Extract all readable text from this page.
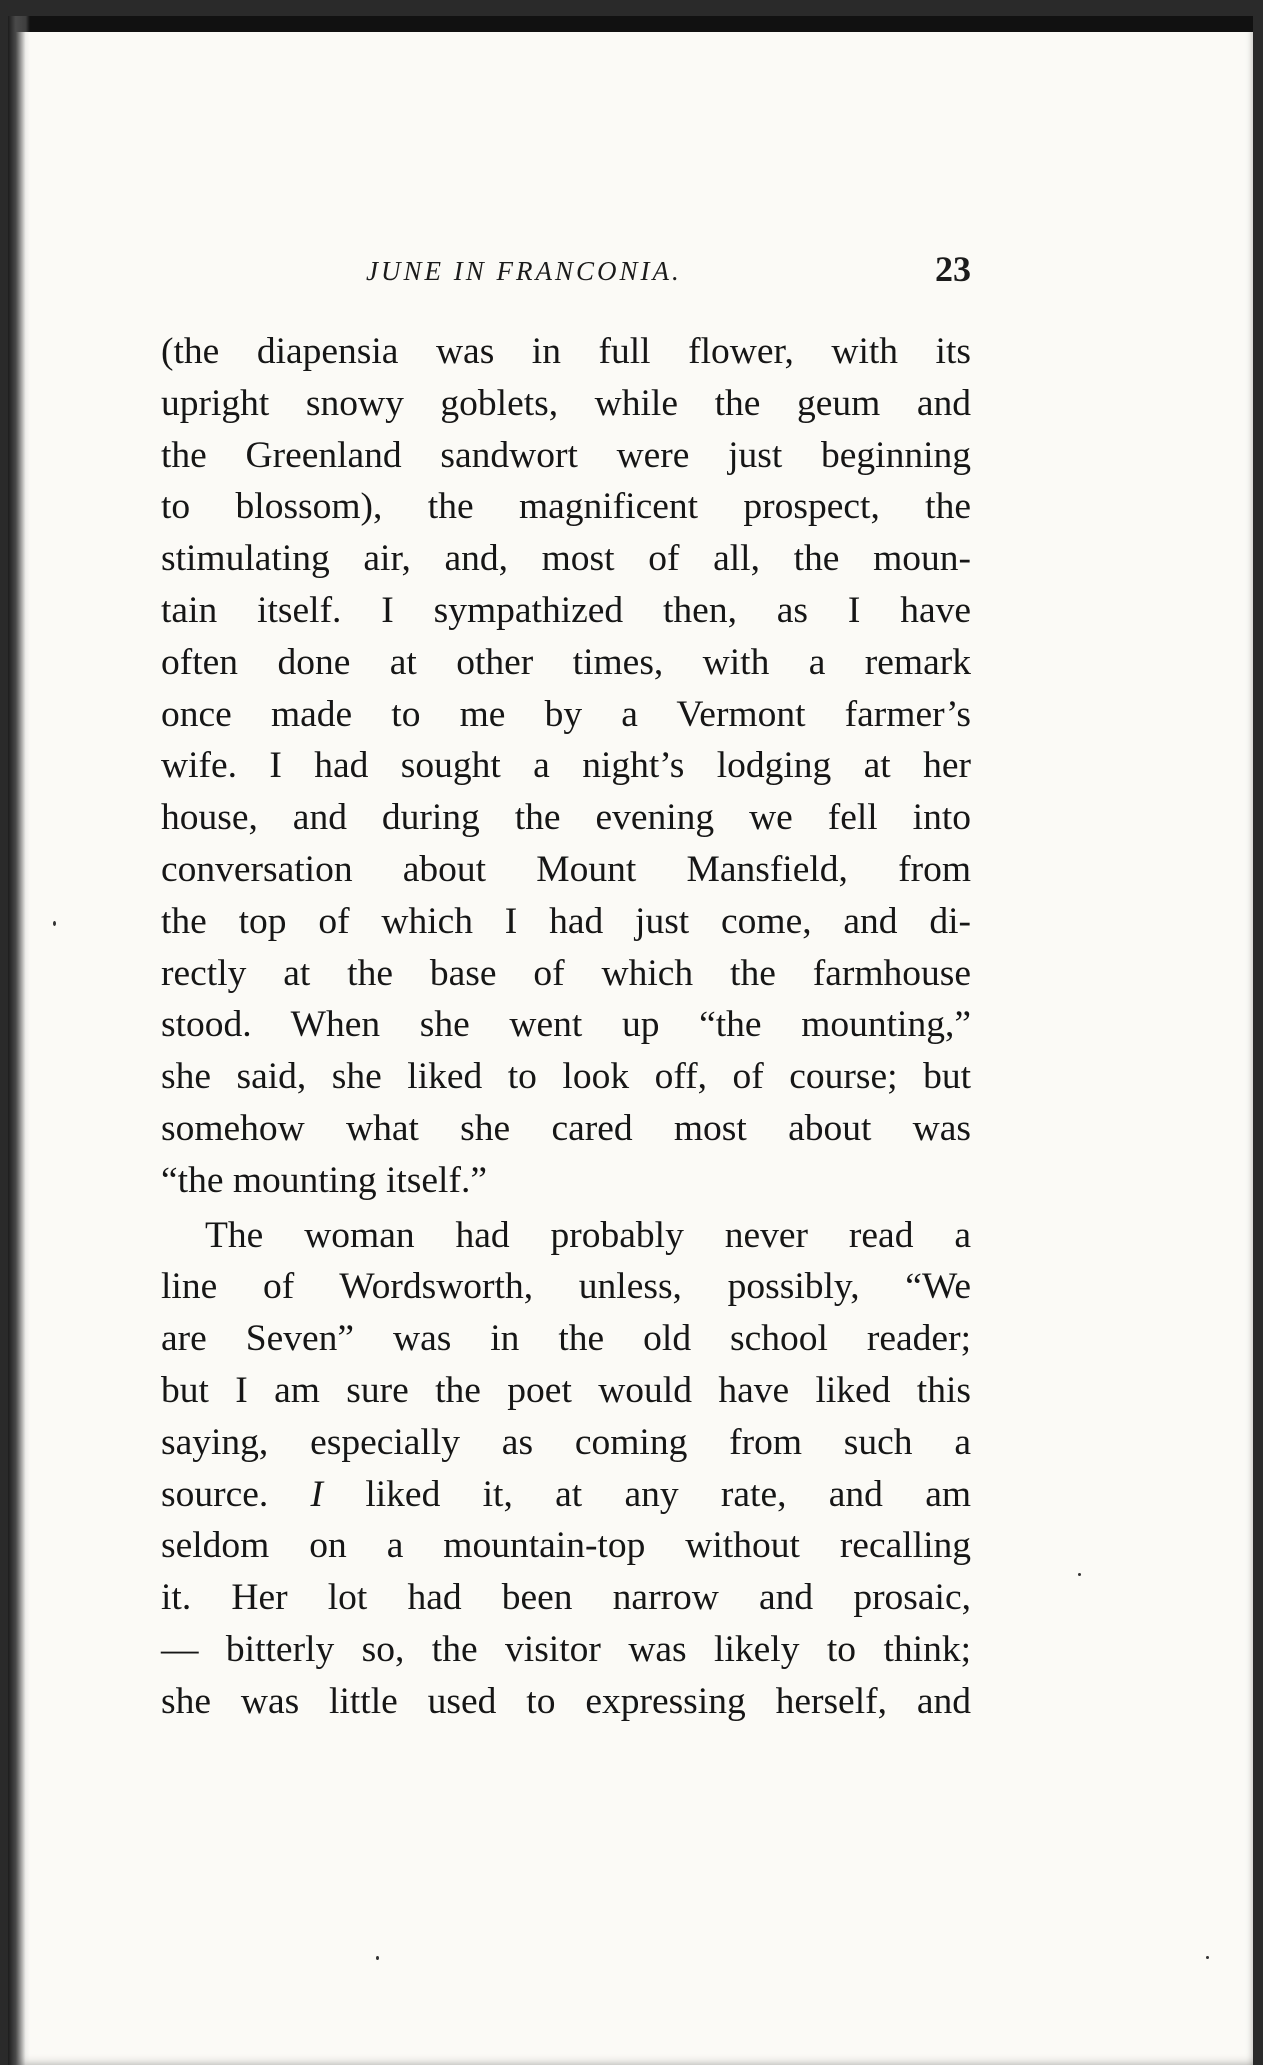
JUNE IN FRANCONIA.	23
(the diapensia was in full flower, with its
upright snowy goblets, while the geum and
the Greenland sandwort were just beginning
to blossom), the magnificent prospect, the
stimulating air, and, most of all, the moun-
tain itself. I sympathized then, as I have
often done at other times, with a remark
once made to me by a Vermont farmer’s
wife. I had sought a night’s lodging at her
house, and during the evening we fell into
conversation about Mount Mansfield, from
the top of which I had just come, and di-
rectly at the base of which the farmhouse
stood. When she went up “the mounting,”
she said, she liked to look off, of course; but
somehow what she cared most about was
“the mounting itself.”
The woman had probably never read a
line of Wordsworth, unless, possibly, “We
are Seven” was in the old school reader;
but I am sure the poet would have liked this
saying, especially as coming from such a
source. I liked it, at any rate, and am
seldom on a mountain-top without recalling
it. Her lot had been narrow and prosaic,
— bitterly so, the visitor was likely to think;
she was little used to expressing herself, and
